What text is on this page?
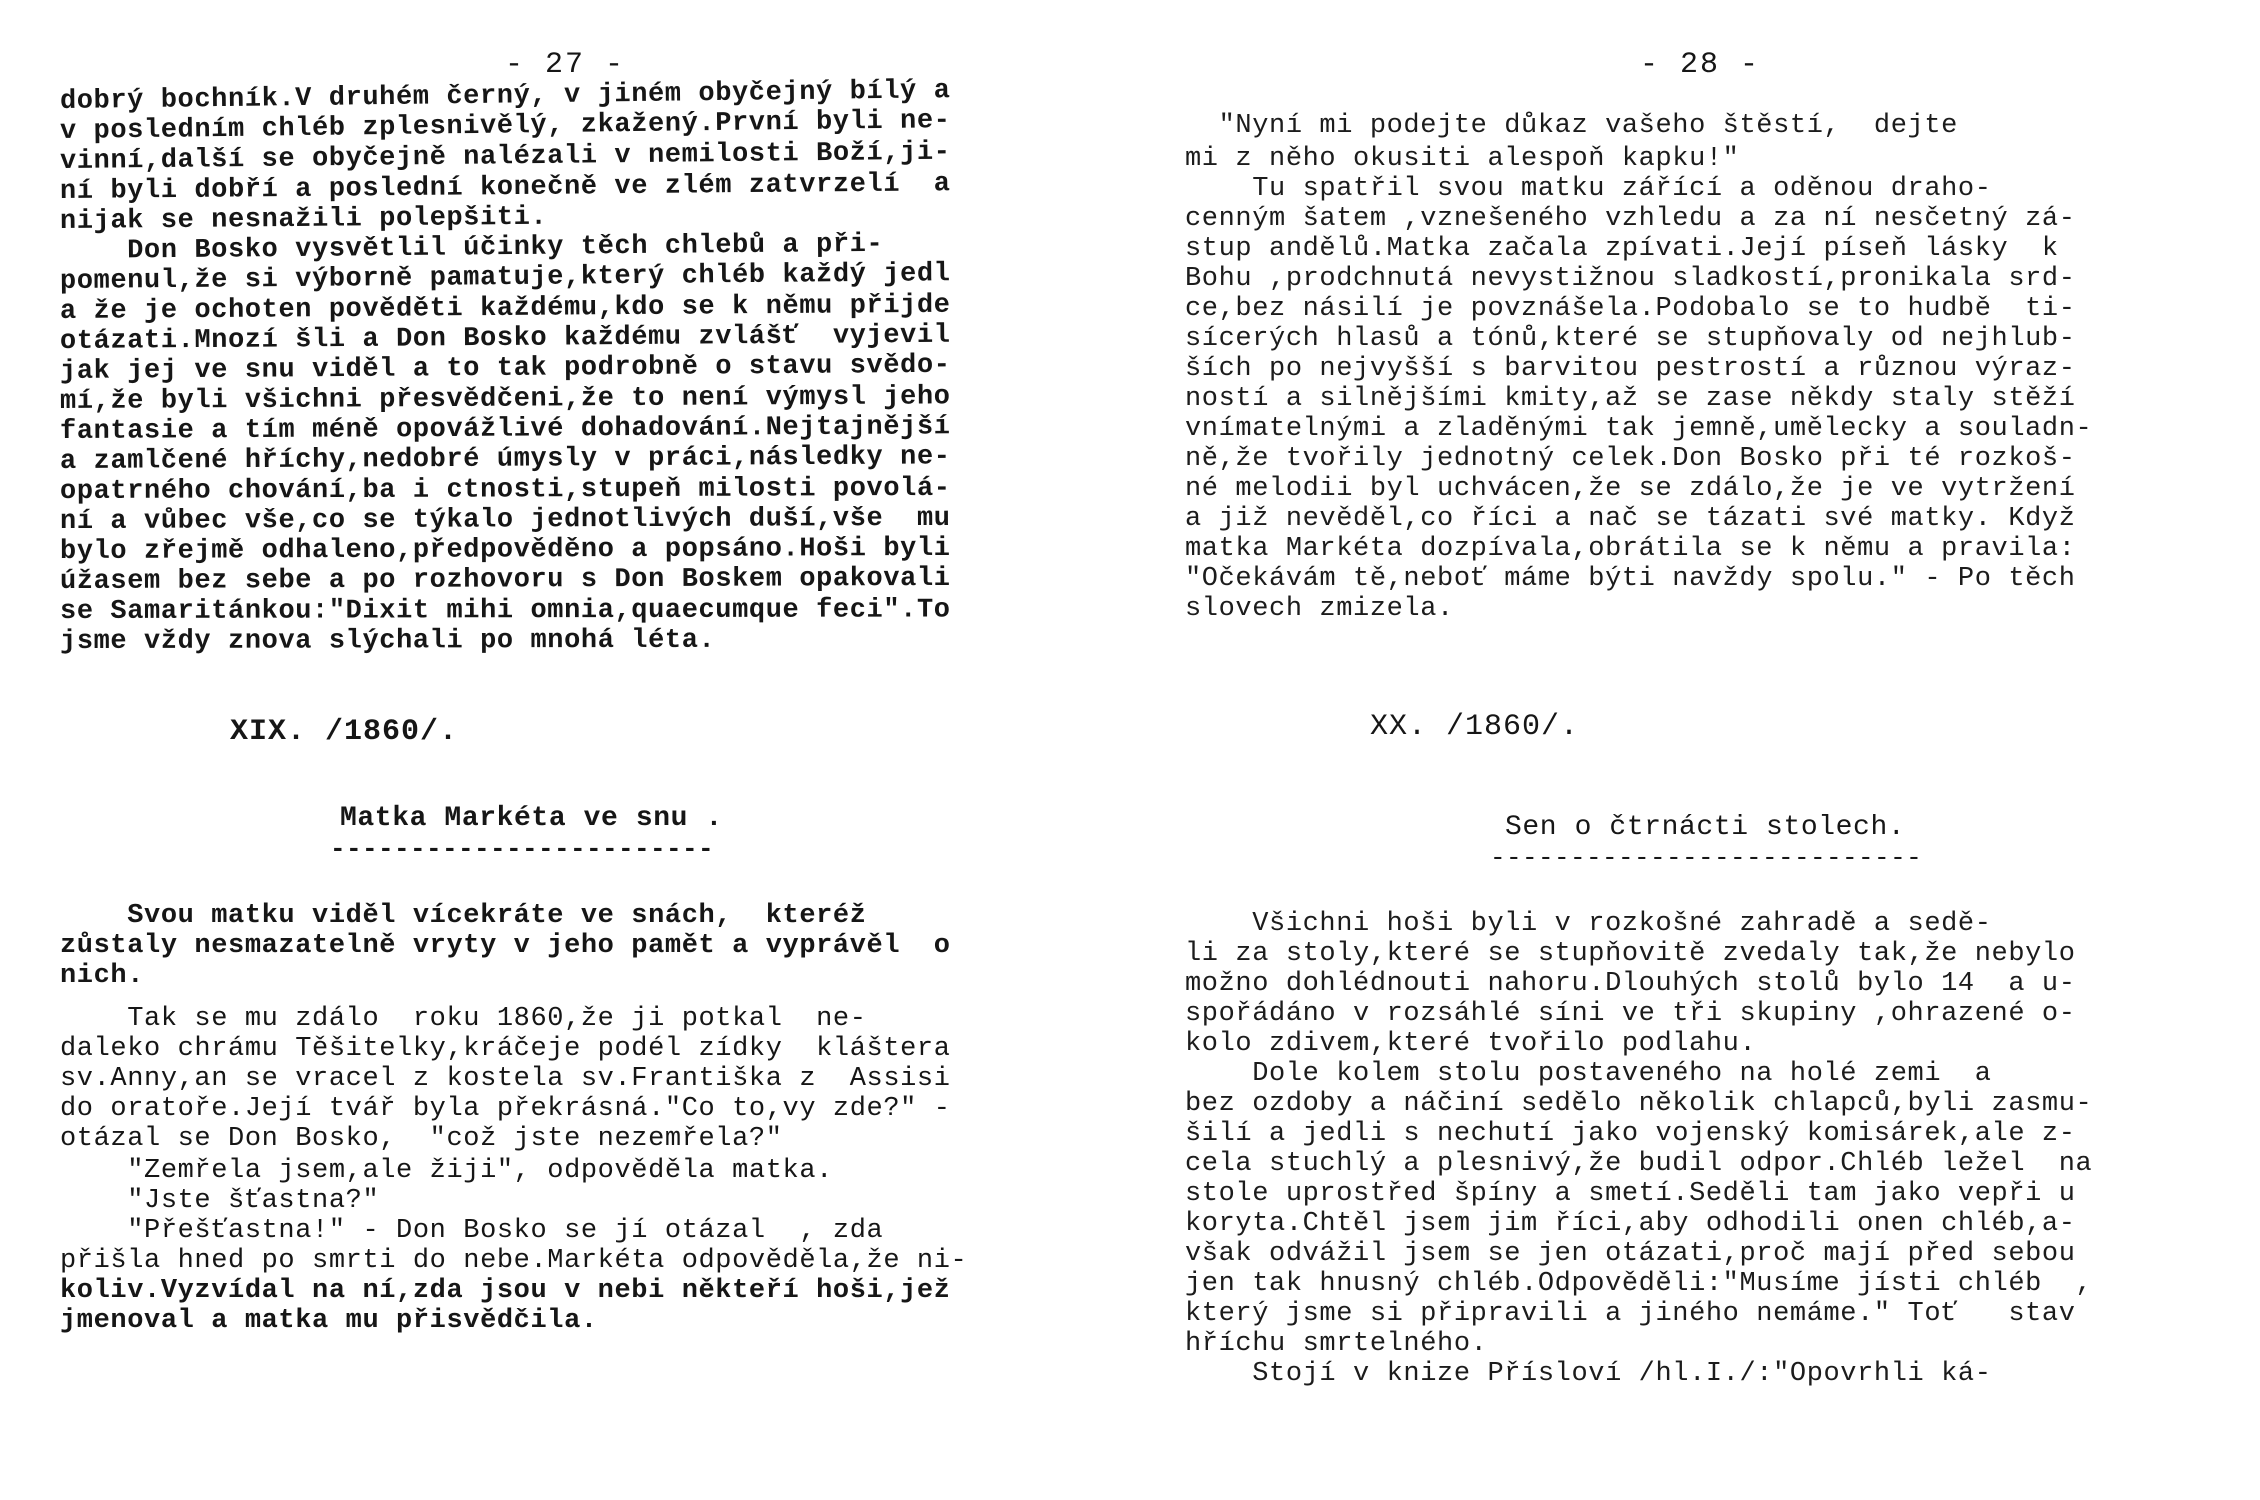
- 27 -
dobrý bochník.V druhém černý, v jiném obyčejný bílý a
v posledním chléb zplesnivělý, zkažený.První byli ne-
vinní,další se obyčejně nalézali v nemilosti Boží,ji-
ní byli dobří a poslední konečně ve zlém zatvrzelí  a
nijak se nesnažili polepšiti.
Don Bosko vysvětlil účinky těch chlebů a při-
pomenul,že si výborně pamatuje,který chléb každý jedl
a že je ochoten pověděti každému,kdo se k němu přijde
otázati.Mnozí šli a Don Bosko každému zvlášť  vyjevil
jak jej ve snu viděl a to tak podrobně o stavu svědo-
mí,že byli všichni přesvědčeni,že to není výmysl jeho
fantasie a tím méně opovážlivé dohadování.Nejtajnější
a zamlčené hříchy,nedobré úmysly v práci,následky ne-
opatrného chování,ba i ctnosti,stupeň milosti povolá-
ní a vůbec vše,co se týkalo jednotlivých duší,vše  mu
bylo zřejmě odhaleno,předpověděno a popsáno.Hoši byli
úžasem bez sebe a po rozhovoru s Don Boskem opakovali
se Samaritánkou:"Dixit mihi omnia,quaecumque feci".To
jsme vždy znova slýchali po mnohá léta.
XIX. /1860/.
Matka Markéta ve snu .
------------------------
Svou matku viděl vícekráte ve snách,  kteréž
zůstaly nesmazatelně vryty v jeho pamět a vyprávěl  o
nich.
Tak se mu zdálo  roku 1860,že ji potkal  ne-
daleko chrámu Těšitelky,kráčeje podél zídky  kláštera
sv.Anny,an se vracel z kostela sv.Františka z  Assisi
do oratoře.Její tvář byla překrásná."Co to,vy zde?" -
otázal se Don Bosko,  "což jste nezemřela?"
"Zemřela jsem,ale žiji", odpověděla matka.
"Jste šťastna?"
"Přešťastna!" - Don Bosko se jí otázal  , zda
přišla hned po smrti do nebe.Markéta odpověděla,že ni-
koliv.Vyzvídal na ní,zda jsou v nebi někteří hoši,jež
jmenoval a matka mu přisvědčila.
- 28 -
"Nyní mi podejte důkaz vašeho štěstí,  dejte
mi z něho okusiti alespoň kapku!"
Tu spatřil svou matku zářící a oděnou draho-
cenným šatem ,vznešeného vzhledu a za ní nesčetný zá-
stup andělů.Matka začala zpívati.Její píseň lásky  k
Bohu ,prodchnutá nevystižnou sladkostí,pronikala srd-
ce,bez násilí je povznášela.Podobalo se to hudbě  ti-
sícerých hlasů a tónů,které se stupňovaly od nejhlub-
ších po nejvyšší s barvitou pestrostí a různou výraz-
ností a silnějšími kmity,až se zase někdy staly stěží
vnímatelnými a zladěnými tak jemně,umělecky a souladn-
ně,že tvořily jednotný celek.Don Bosko při té rozkoš-
né melodii byl uchvácen,že se zdálo,že je ve vytržení
a již nevěděl,co říci a nač se tázati své matky. Když
matka Markéta dozpívala,obrátila se k němu a pravila:
"Očekávám tě,neboť máme býti navždy spolu." - Po těch
slovech zmizela.
XX. /1860/.
Sen o čtrnácti stolech.
---------------------------
Všichni hoši byli v rozkošné zahradě a sedě-
li za stoly,které se stupňovitě zvedaly tak,že nebylo
možno dohlédnouti nahoru.Dlouhých stolů bylo 14  a u-
spořádáno v rozsáhlé síni ve tři skupiny ,ohrazené o-
kolo zdivem,které tvořilo podlahu.
Dole kolem stolu postaveného na holé zemi  a
bez ozdoby a náčiní sedělo několik chlapců,byli zasmu-
šilí a jedli s nechutí jako vojenský komisárek,ale z-
cela stuchlý a plesnivý,že budil odpor.Chléb ležel  na
stole uprostřed špíny a smetí.Seděli tam jako vepři u
koryta.Chtěl jsem jim říci,aby odhodili onen chléb,a-
však odvážil jsem se jen otázati,proč mají před sebou
jen tak hnusný chléb.Odpověděli:"Musíme jísti chléb  ,
který jsme si připravili a jiného nemáme." Toť   stav
hříchu smrtelného.
Stojí v knize Přísloví /hl.I./:"Opovrhli ká-
